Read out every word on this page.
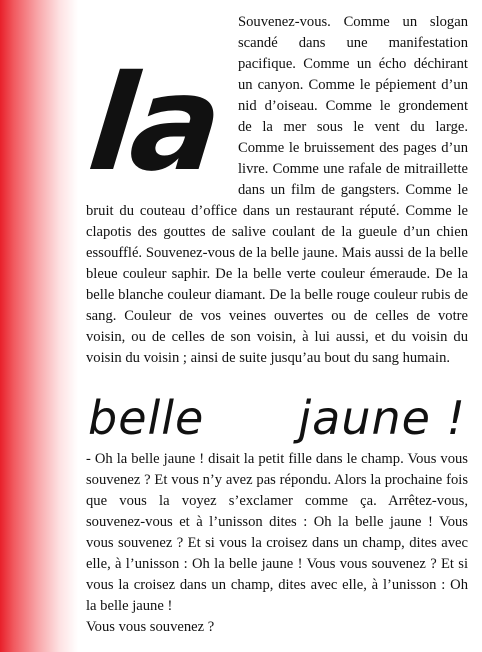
la

Souvenez-vous. Comme un slogan scandé dans une manifestation pacifique. Comme un écho déchirant un canyon. Comme le pépiement d’un nid d’oiseau. Comme le grondement de la mer sous le vent du large. Comme le bruissement des pages d’un livre. Comme une rafale de mitraillette dans un film de gangsters. Comme le bruit du couteau d’office dans un restaurant réputé. Comme le clapotis des gouttes de salive coulant de la gueule d’un chien essoufflé. Souvenez-vous de la belle jaune. Mais aussi de la belle bleue couleur saphir. De la belle verte couleur émeraude. De la belle blanche couleur diamant. De la belle rouge couleur rubis de sang. Couleur de vos veines ouvertes ou de celles de votre voisin, ou de celles de son voisin, à lui aussi, et du voisin du voisin du voisin ; ainsi de suite jusqu’au bout du sang humain.

belle jaune !

- Oh la belle jaune ! disait la petit fille dans le champ. Vous vous souvenez ? Et vous n’y avez pas répondu. Alors la prochaine fois que vous la voyez s’exclamer comme ça. Arrêtez-vous, souvenez-vous et à l’unisson dites : Oh la belle jaune ! Vous vous souvenez ? Et si vous la croisez dans un champ, dites avec elle, à l’unisson : Oh la belle jaune ! Vous vous souvenez ? Et si vous la croisez dans un champ, dites avec elle, à l’unisson : Oh la belle jaune !

Vous vous souvenez ?
